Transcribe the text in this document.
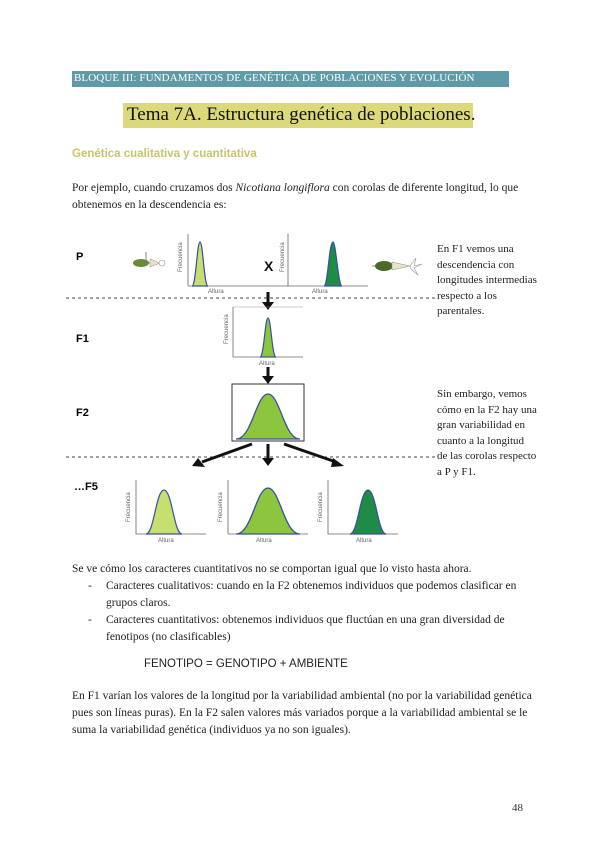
BLOQUE III: FUNDAMENTOS DE GENÉTICA DE POBLACIONES Y EVOLUCIÓN
Tema 7A. Estructura genética de poblaciones.
Genética cualitativa y cuantitativa
Por ejemplo, cuando cruzamos dos Nicotiana longiflora con corolas de diferente longitud, lo que obtenemos en la descendencia es:
P
F1
F2
…F5
Frecuencia
Altura
X Frecuencia
Altura
Frecuencia
Altura
Frecuencia
Altura
Frecuencia
Altura
Frecuencia
Altura
En F1 vemos una descendencia con longitudes intermedias respecto a los parentales.
Sin embargo, vemos cómo en la F2 hay una gran variabilidad en cuanto a la longitud de las corolas respecto a P y F1.
Se ve cómo los caracteres cuantitativos no se comportan igual que lo visto hasta ahora.
- Caracteres cualitativos: cuando en la F2 obtenemos individuos que podemos clasificar en grupos claros.
- Caracteres cuantitativos: obtenemos individuos que fluctúan en una gran diversidad de fenotipos (no clasificables)
FENOTIPO = GENOTIPO + AMBIENTE
En F1 varían los valores de la longitud por la variabilidad ambiental (no por la variabilidad genética pues son líneas puras). En la F2 salen valores más variados porque a la variabilidad ambiental se le suma la variabilidad genética (individuos ya no son iguales).
48
